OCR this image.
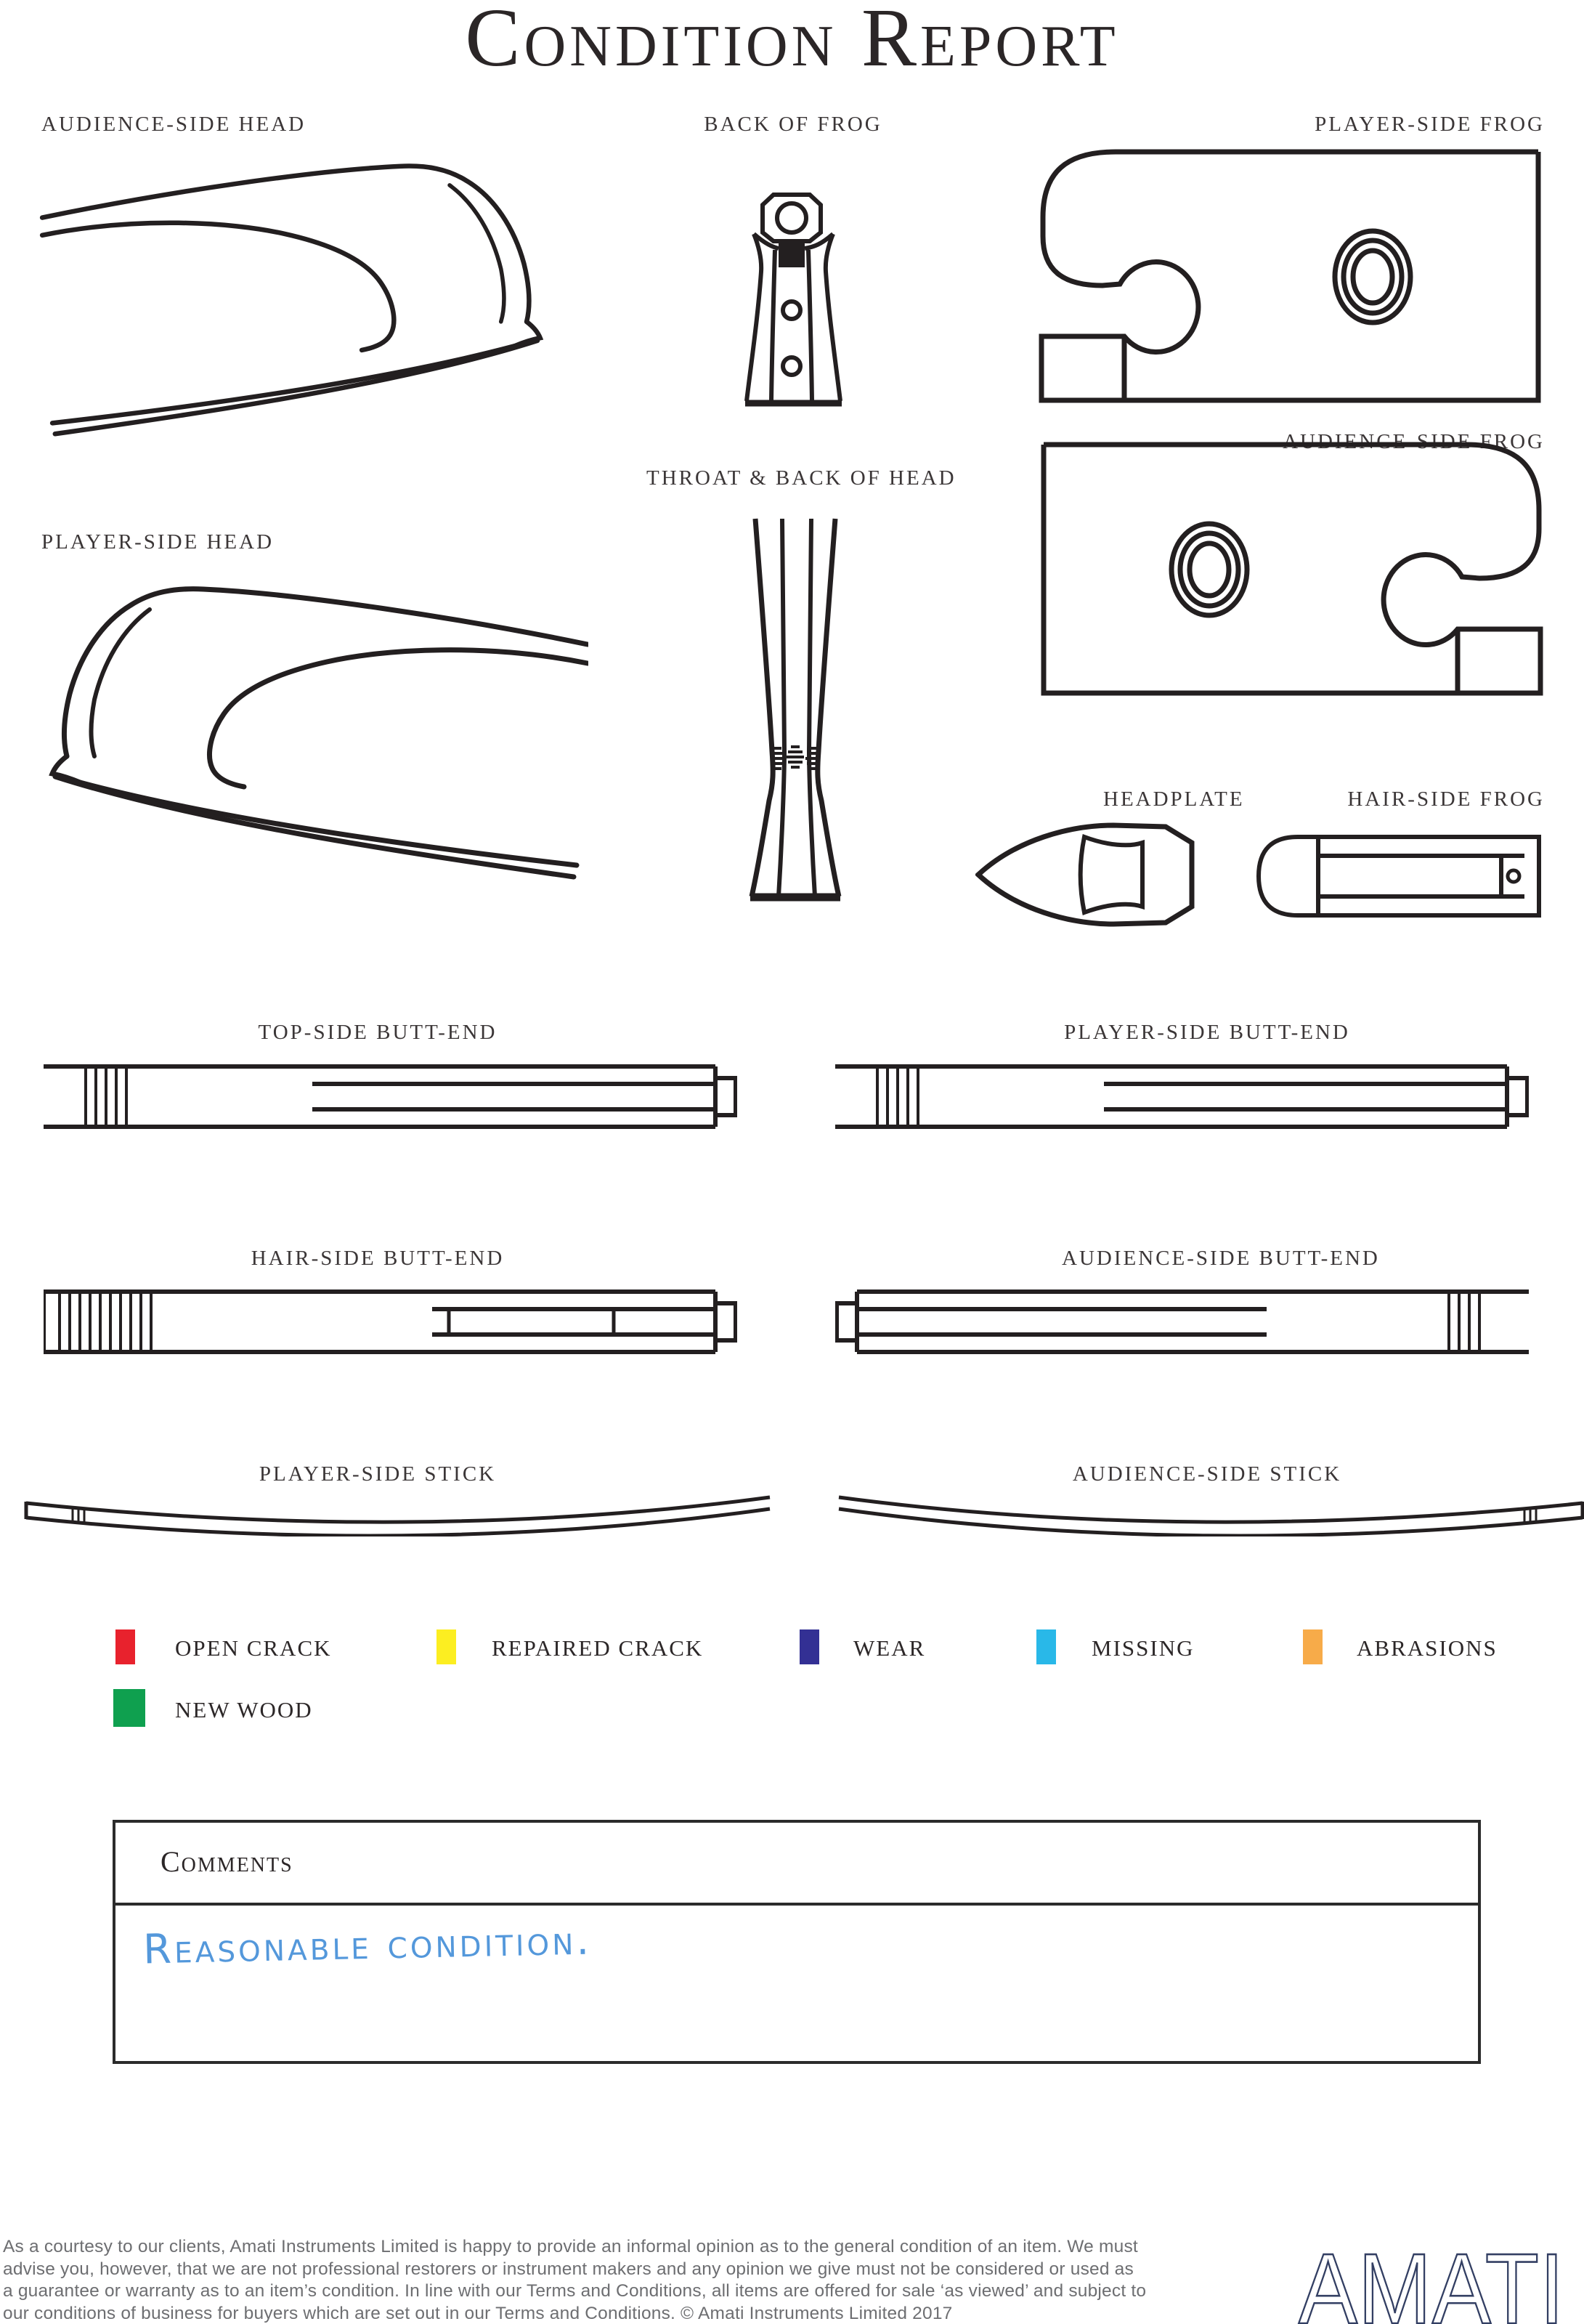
Condition Report
AUDIENCE-SIDE HEAD	BACK OF FROG	PLAYER-SIDE FROG
AUDIENCE-SIDE FROG
THROAT & BACK OF HEAD
PLAYER-SIDE HEAD
HEADPLATE	HAIR-SIDE FROG
TOP-SIDE BUTT-END	PLAYER-SIDE BUTT-END
HAIR-SIDE BUTT-END	AUDIENCE-SIDE BUTT-END
PLAYER-SIDE STICK	AUDIENCE-SIDE STICK
OPEN CRACK	REPAIRED CRACK	WEAR	MISSING	ABRASIONS
NEW WOOD
Comments
Reasonable condition.
As a courtesy to our clients, Amati Instruments Limited is happy to provide an informal opinion as to the general condition of an item. We must
advise you, however, that we are not professional restorers or instrument makers and any opinion we give must not be considered or used as
a guarantee or warranty as to an item’s condition. In line with our Terms and Conditions, all items are offered for sale ‘as viewed’ and subject to
our conditions of business for buyers which are set out in our Terms and Conditions. © Amati Instruments Limited 2017	AMATI
